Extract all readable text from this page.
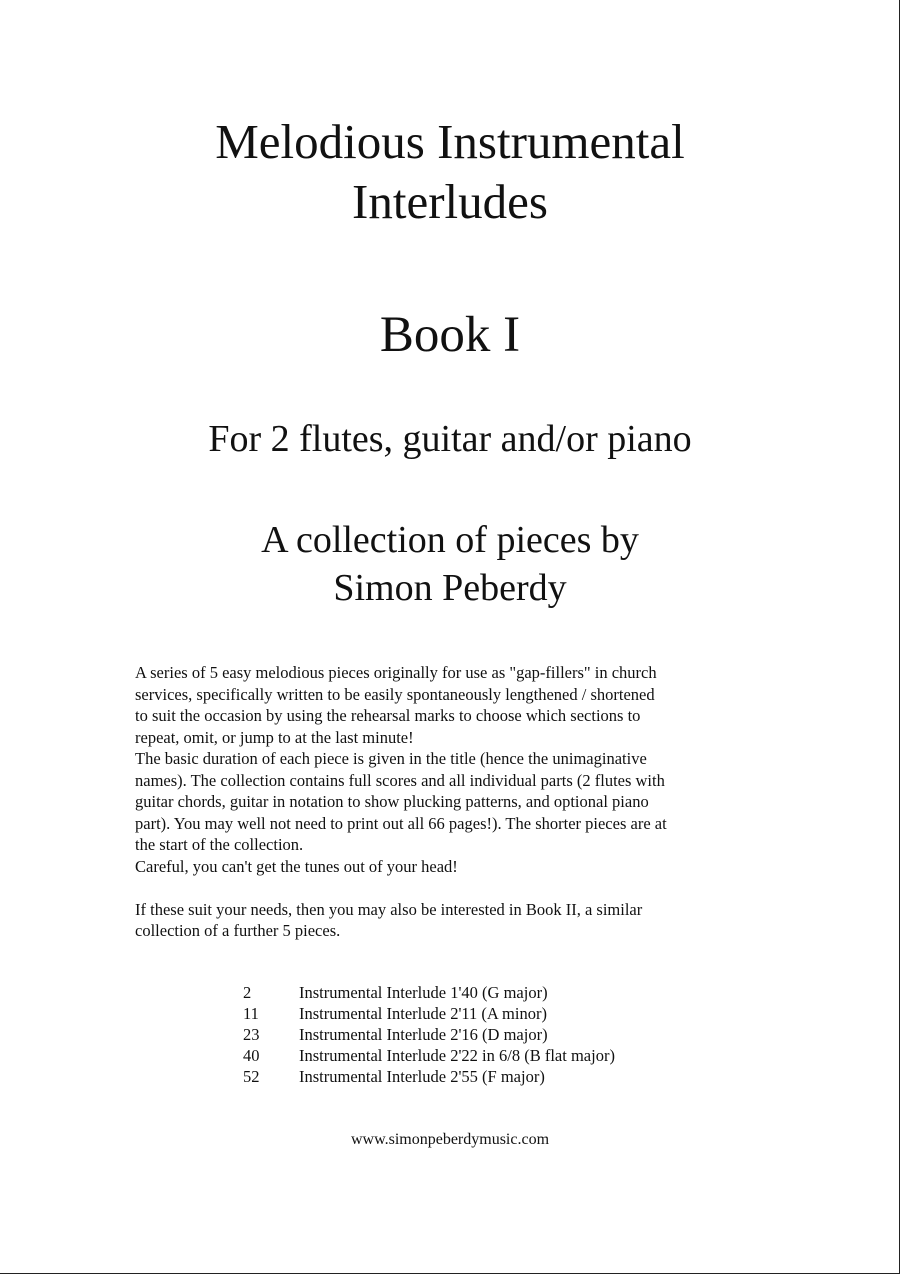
Melodious Instrumental
Interludes
Book I
For 2 flutes, guitar and/or piano
A collection of pieces by
Simon Peberdy

A series of 5 easy melodious pieces originally for use as "gap-fillers" in church

services, specifically written to be easily spontaneously lengthened / shortened

to suit the occasion by using the rehearsal marks to choose which sections to

repeat, omit, or jump to at the last minute!

The basic duration of each piece is given in the title (hence the unimaginative

names). The collection contains full scores and all individual parts (2 flutes with

guitar chords, guitar in notation to show plucking patterns, and optional piano

part). You may well not need to print out all 66 pages!). The shorter pieces are at

the start of the collection.

Careful, you can't get the tunes out of your head!

If these suit your needs, then you may also be interested in Book II, a similar

collection of a further 5 pieces.

2	Instrumental Interlude 1'40 (G major)
11	Instrumental Interlude 2'11 (A minor)
23	Instrumental Interlude 2'16 (D major)
40	Instrumental Interlude 2'22 in 6/8 (B flat major)
52	Instrumental Interlude 2'55 (F major)
www.simonpeberdymusic.com
